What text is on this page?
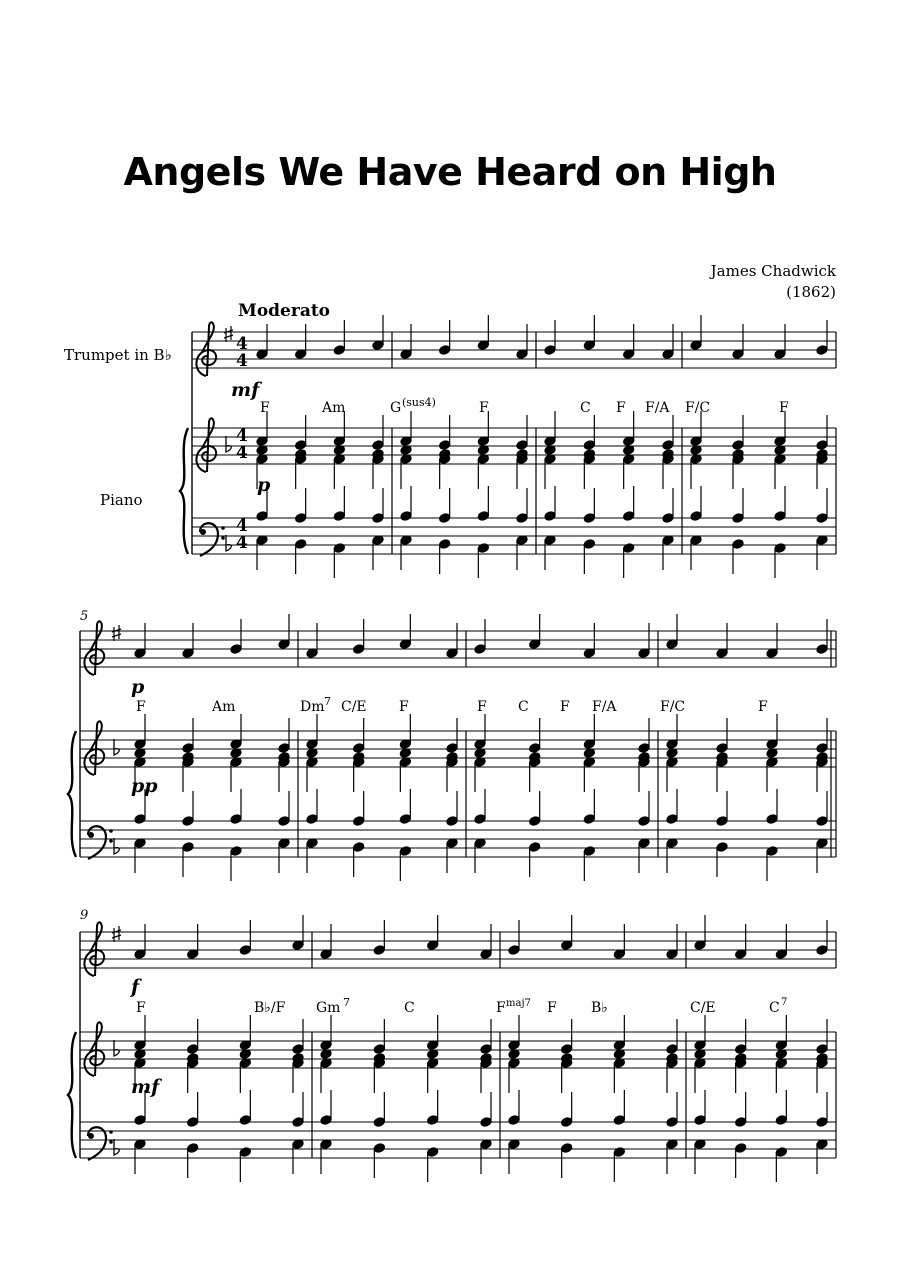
Angels We Have Heard on High
James Chadwick
(1862)
Moderato
Trumpet in B♭
Piano
5
9
mf
p
F	Am	G (sus4)	F	C F F/A F/C	F
p
pp
F	Am	Dm 7 C/E F	F C F F/A	F/C	F
f
mf
F	B♭/F Gm 7	C	F maj7 F B♭	C/E	C 7
4
4
4
4
4
4
